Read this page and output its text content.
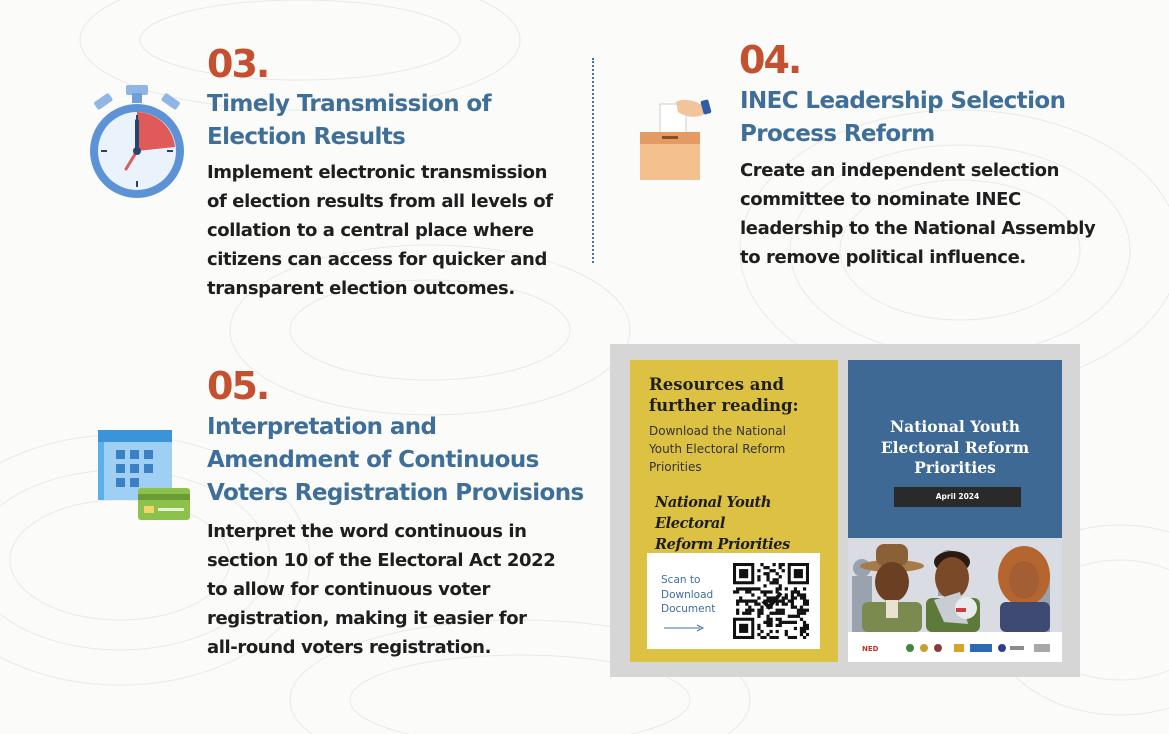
03.
Timely Transmission of
Election Results
Implement electronic transmission
of election results from all levels of
collation to a central place where
citizens can access for quicker and
transparent election outcomes.
04.
INEC Leadership Selection
Process Reform
Create an independent selection
committee to nominate INEC
leadership to the National Assembly
to remove political influence.
05.
Interpretation and
Amendment of Continuous
Voters Registration Provisions
Interpret the word continuous in
section 10 of the Electoral Act 2022
to allow for continuous voter
registration, making it easier for
all-round voters registration.
Resources and
further reading:
Download the National
Youth Electoral Reform
Priorities
National Youth Electoral
Reform Priorities
Scan to
Download
Document
National Youth
Electoral Reform
Priorities
April 2024
NED
